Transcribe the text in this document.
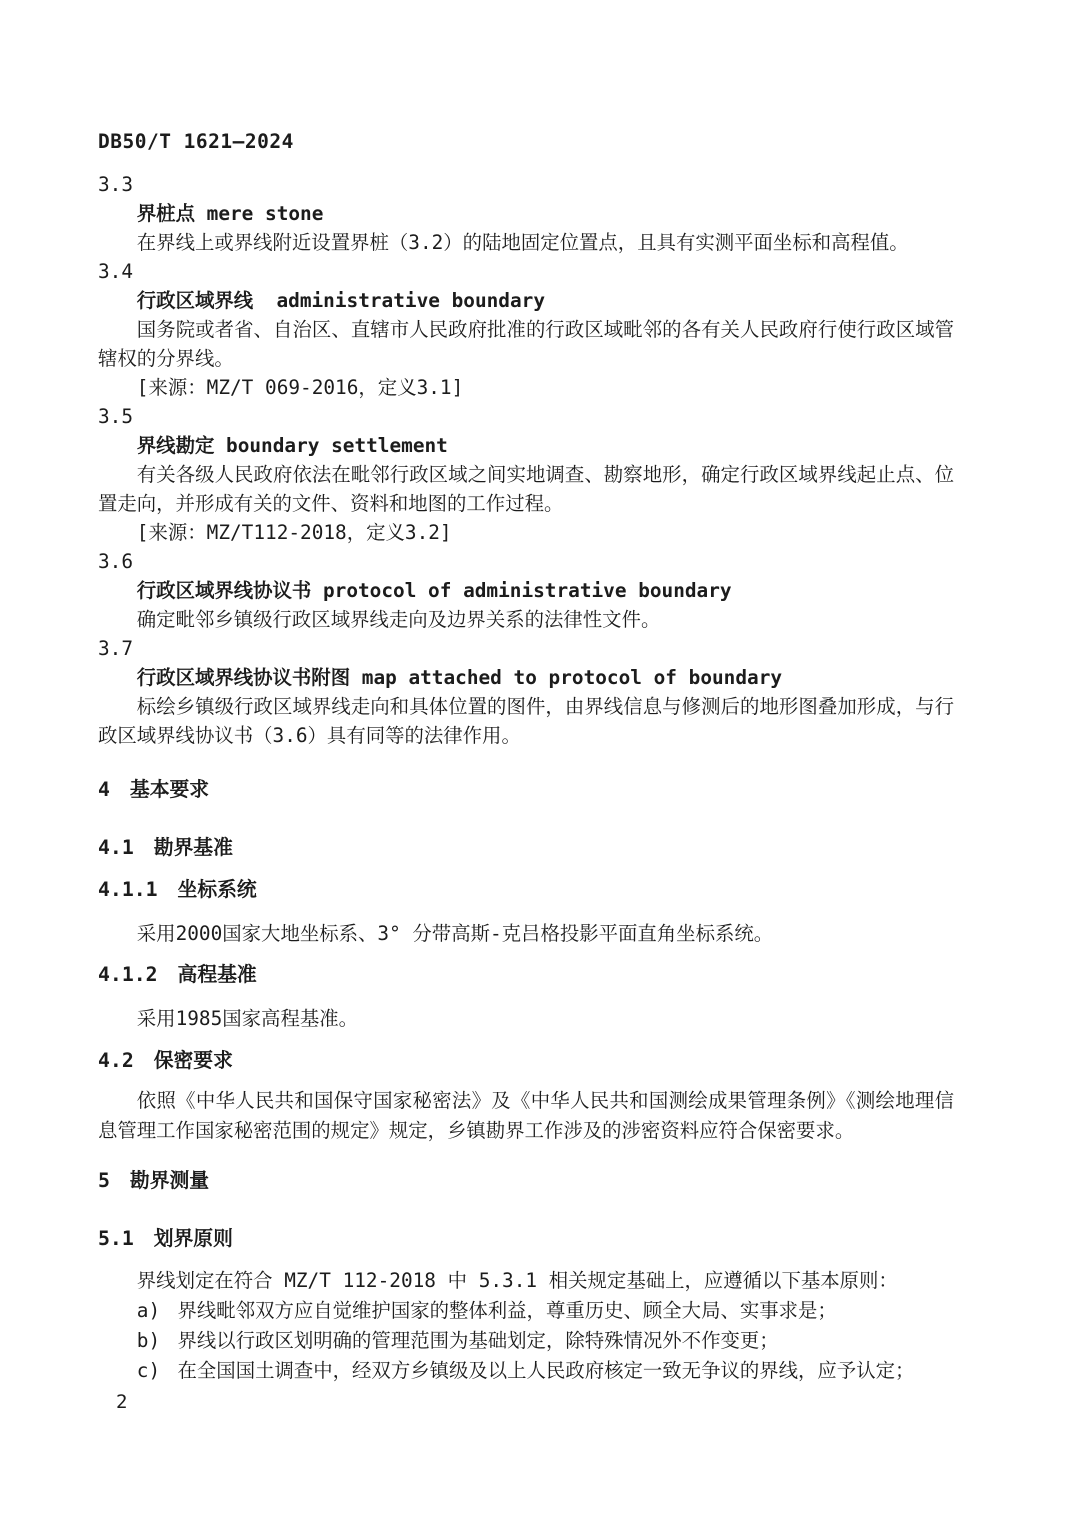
DB50/T 1621—2024

3.3

界桩点 mere stone

在界线上或界线附近设置界桩（3.2）的陆地固定位置点，且具有实测平面坐标和高程值。

3.4

行政区域界线  administrative boundary

国务院或者省、自治区、直辖市人民政府批准的行政区域毗邻的各有关人民政府行使行政区域管辖权的分界线。

[来源：MZ/T 069-2016，定义3.1]

3.5

界线勘定 boundary settlement

有关各级人民政府依法在毗邻行政区域之间实地调查、勘察地形，确定行政区域界线起止点、位置走向，并形成有关的文件、资料和地图的工作过程。

[来源：MZ/T112-2018，定义3.2]

3.6

行政区域界线协议书 protocol of administrative boundary

确定毗邻乡镇级行政区域界线走向及边界关系的法律性文件。

3.7

行政区域界线协议书附图 map attached to protocol of boundary

标绘乡镇级行政区域界线走向和具体位置的图件，由界线信息与修测后的地形图叠加形成，与行政区域界线协议书（3.6）具有同等的法律作用。

4 基本要求

4.1 勘界基准

4.1.1 坐标系统

采用2000国家大地坐标系、3° 分带高斯-克吕格投影平面直角坐标系统。

4.1.2 高程基准

采用1985国家高程基准。

4.2 保密要求

依照《中华人民共和国保守国家秘密法》及《中华人民共和国测绘成果管理条例》《测绘地理信息管理工作国家秘密范围的规定》规定，乡镇勘界工作涉及的涉密资料应符合保密要求。

5 勘界测量

5.1 划界原则

界线划定在符合 MZ/T 112-2018 中 5.3.1 相关规定基础上，应遵循以下基本原则：

a) 界线毗邻双方应自觉维护国家的整体利益，尊重历史、顾全大局、实事求是；

b) 界线以行政区划明确的管理范围为基础划定，除特殊情况外不作变更；

c) 在全国国土调查中，经双方乡镇级及以上人民政府核定一致无争议的界线，应予认定；

2
